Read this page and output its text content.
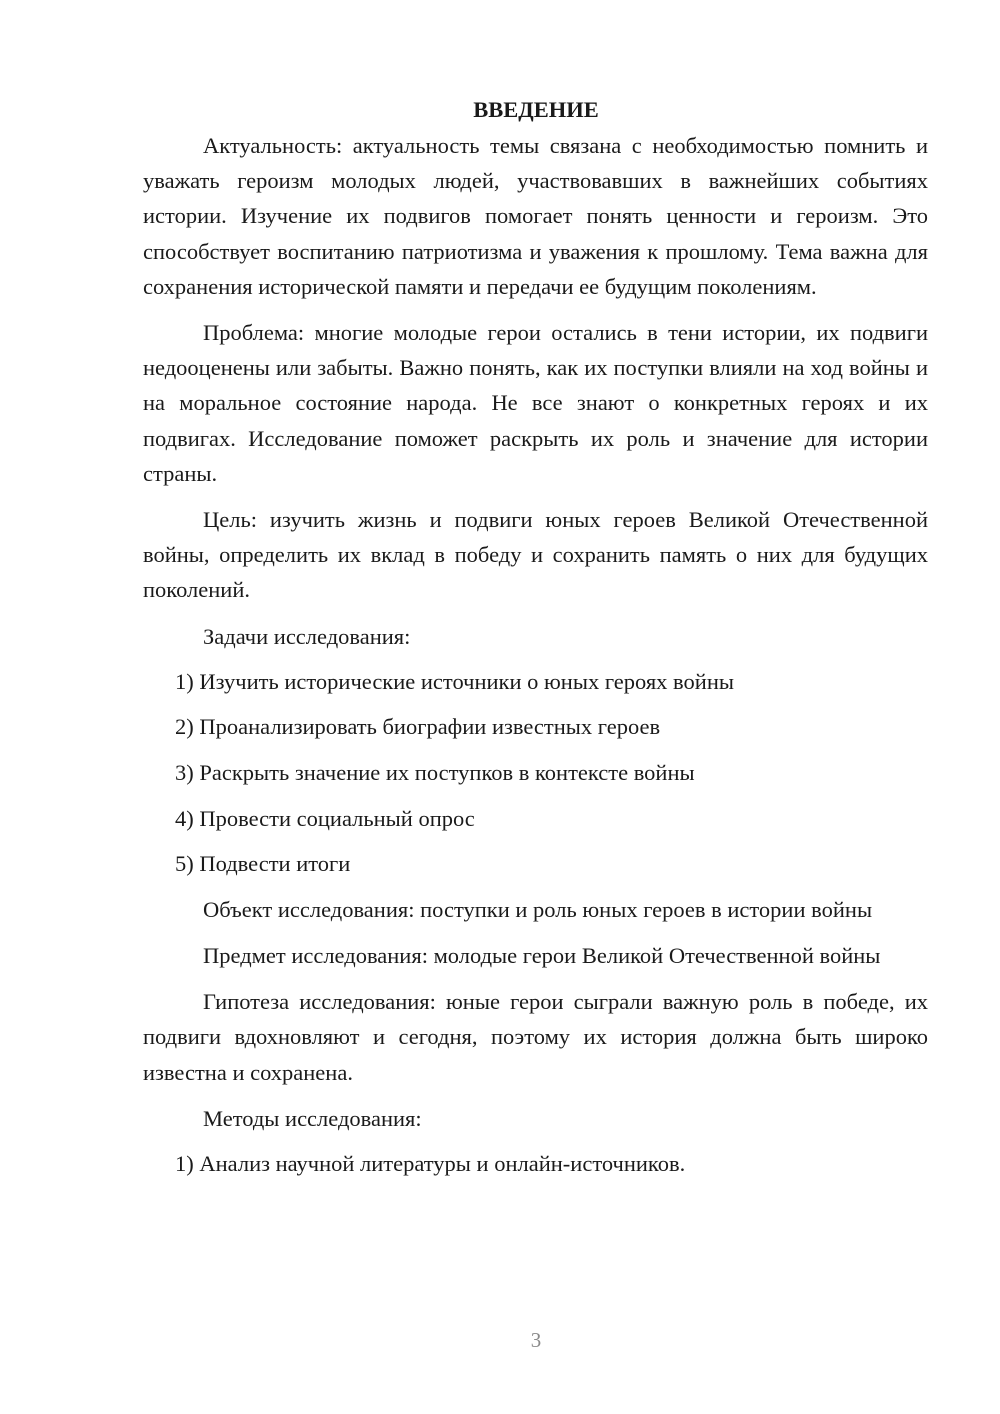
ВВЕДЕНИЕ

Актуальность: актуальность темы связана с необходимостью помнить и уважать героизм молодых людей, участвовавших в важнейших событиях истории. Изучение их подвигов помогает понять ценности и героизм. Это способствует воспитанию патриотизма и уважения к прошлому. Тема важна для сохранения исторической памяти и передачи ее будущим поколениям.

Проблема: многие молодые герои остались в тени истории, их подвиги недооценены или забыты. Важно понять, как их поступки влияли на ход войны и на моральное состояние народа. Не все знают о конкретных героях и их подвигах. Исследование поможет раскрыть их роль и значение для истории страны.

Цель: изучить жизнь и подвиги юных героев Великой Отечественной войны, определить их вклад в победу и сохранить память о них для будущих поколений.

Задачи исследования:

1) Изучить исторические источники о юных героях войны
2) Проанализировать биографии известных героев
3) Раскрыть значение их поступков в контексте войны
4) Провести социальный опрос
5) Подвести итоги

Объект исследования: поступки и роль юных героев в истории войны

Предмет исследования: молодые герои Великой Отечественной войны

Гипотеза исследования: юные герои сыграли важную роль в победе, их подвиги вдохновляют и сегодня, поэтому их история должна быть широко известна и сохранена.

Методы исследования:

1) Анализ научной литературы и онлайн-источников.
3
